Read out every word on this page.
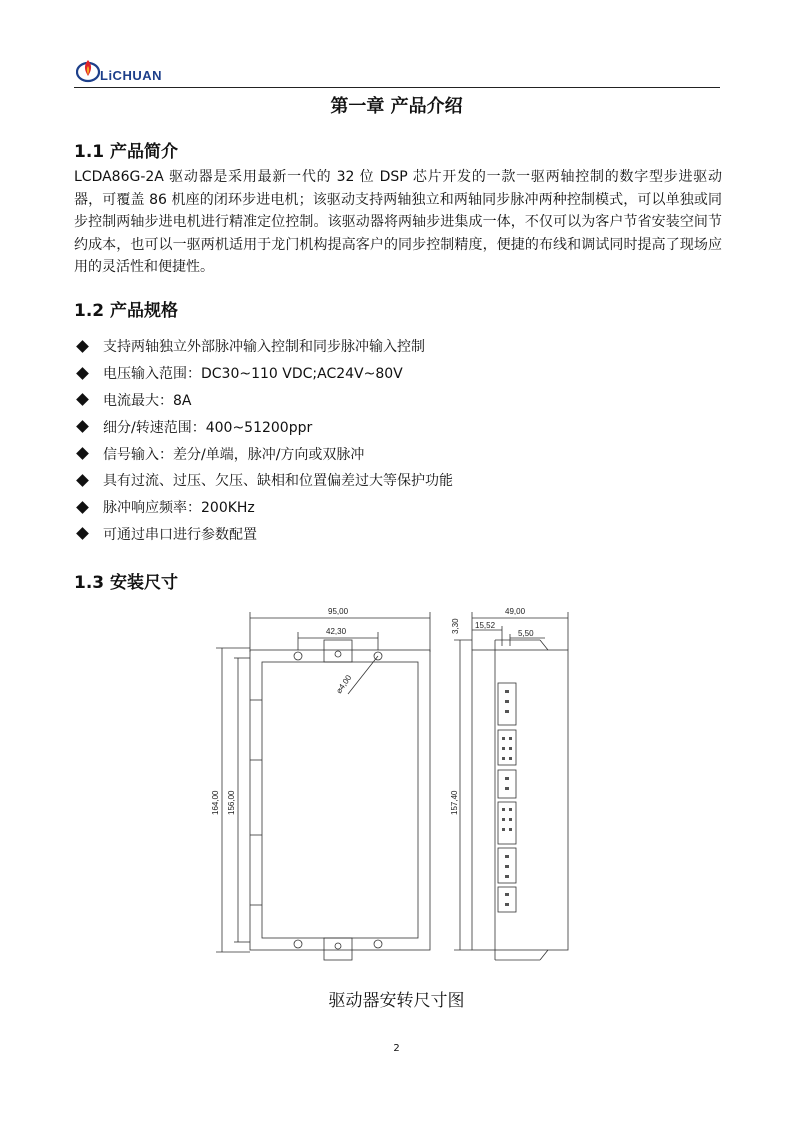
LiCHUAN
第一章 产品介绍
1.1 产品简介
LCDA86G-2A 驱动器是采用最新一代的 32 位 DSP 芯片开发的一款一驱两轴控制的数字型步进驱动器，可覆盖 86 机座的闭环步进电机；该驱动支持两轴独立和两轴同步脉冲两种控制模式，可以单独或同步控制两轴步进电机进行精准定位控制。该驱动器将两轴步进集成一体，不仅可以为客户节省安装空间节约成本，也可以一驱两机适用于龙门机构提高客户的同步控制精度，便捷的布线和调试同时提高了现场应用的灵活性和便捷性。
1.2 产品规格
支持两轴独立外部脉冲输入控制和同步脉冲输入控制
电压输入范围：DC30~110 VDC;AC24V~80V
电流最大：8A
细分/转速范围：400~51200ppr
信号输入：差分/单端，脉冲/方向或双脉冲
具有过流、过压、欠压、缺相和位置偏差过大等保护功能
脉冲响应频率：200KHz
可通过串口进行参数配置
1.3 安装尺寸
95,00
42,30
⌀4,00
164,00 156,00
49,00
15,52
5,50
3,30
157,40
驱动器安转尺寸图
2
